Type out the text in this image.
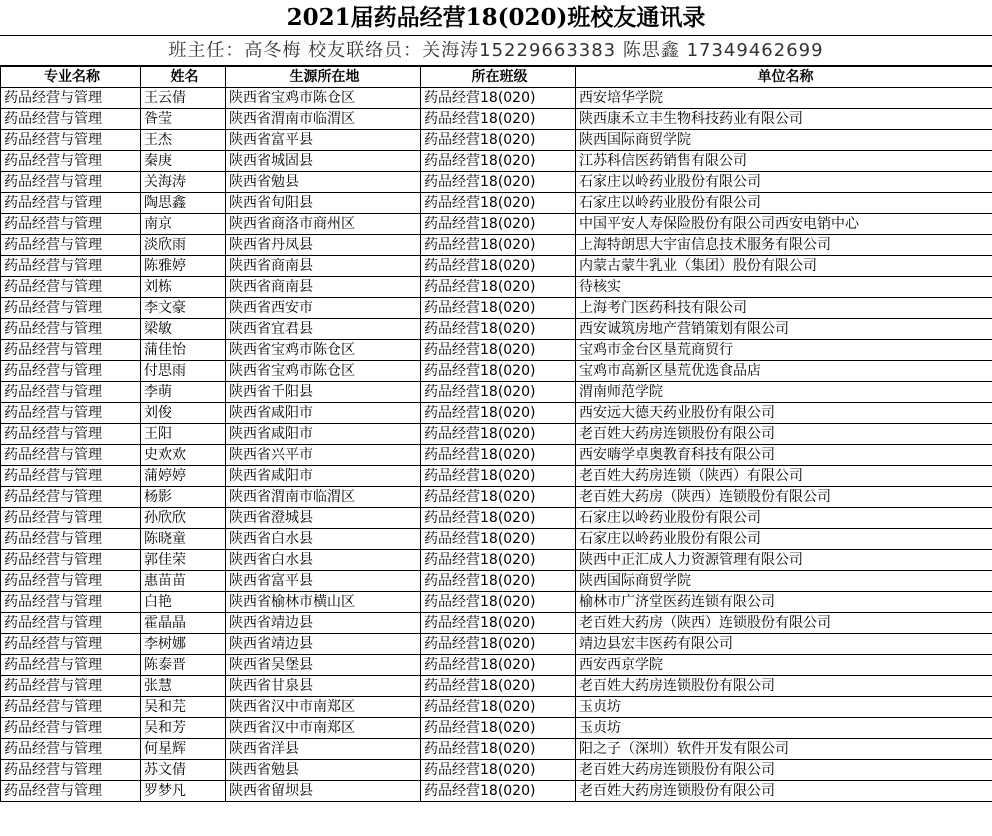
2021届药品经营18(020)班校友通讯录
班主任：高冬梅 校友联络员：关海涛15229663383 陈思鑫 17349462699
专业名称	姓名	生源所在地	所在班级	单位名称
药品经营与管理	王云倩	陕西省宝鸡市陈仓区	药品经营18(020)	西安培华学院
药品经营与管理	昝莹	陕西省渭南市临渭区	药品经营18(020)	陕西康禾立丰生物科技药业有限公司
药品经营与管理	王杰	陕西省富平县	药品经营18(020)	陕西国际商贸学院
药品经营与管理	秦庚	陕西省城固县	药品经营18(020)	江苏科信医药销售有限公司
药品经营与管理	关海涛	陕西省勉县	药品经营18(020)	石家庄以岭药业股份有限公司
药品经营与管理	陶思鑫	陕西省旬阳县	药品经营18(020)	石家庄以岭药业股份有限公司
药品经营与管理	南京	陕西省商洛市商州区	药品经营18(020)	中国平安人寿保险股份有限公司西安电销中心
药品经营与管理	淡欣雨	陕西省丹凤县	药品经营18(020)	上海特朗思大宇宙信息技术服务有限公司
药品经营与管理	陈雅婷	陕西省商南县	药品经营18(020)	内蒙古蒙牛乳业（集团）股份有限公司
药品经营与管理	刘栋	陕西省商南县	药品经营18(020)	待核实
药品经营与管理	李文豪	陕西省西安市	药品经营18(020)	上海考门医药科技有限公司
药品经营与管理	梁敏	陕西省宜君县	药品经营18(020)	西安诚筑房地产营销策划有限公司
药品经营与管理	蒲佳怡	陕西省宝鸡市陈仓区	药品经营18(020)	宝鸡市金台区垦荒商贸行
药品经营与管理	付思雨	陕西省宝鸡市陈仓区	药品经营18(020)	宝鸡市高新区垦荒优选食品店
药品经营与管理	李萌	陕西省千阳县	药品经营18(020)	渭南师范学院
药品经营与管理	刘俊	陕西省咸阳市	药品经营18(020)	西安远大德天药业股份有限公司
药品经营与管理	王阳	陕西省咸阳市	药品经营18(020)	老百姓大药房连锁股份有限公司
药品经营与管理	史欢欢	陕西省兴平市	药品经营18(020)	西安嗨学卓奥教育科技有限公司
药品经营与管理	蒲婷婷	陕西省咸阳市	药品经营18(020)	老百姓大药房连锁（陕西）有限公司
药品经营与管理	杨影	陕西省渭南市临渭区	药品经营18(020)	老百姓大药房（陕西）连锁股份有限公司
药品经营与管理	孙欣欣	陕西省澄城县	药品经营18(020)	石家庄以岭药业股份有限公司
药品经营与管理	陈晓童	陕西省白水县	药品经营18(020)	石家庄以岭药业股份有限公司
药品经营与管理	郭佳荣	陕西省白水县	药品经营18(020)	陕西中正汇成人力资源管理有限公司
药品经营与管理	惠苗苗	陕西省富平县	药品经营18(020)	陕西国际商贸学院
药品经营与管理	白艳	陕西省榆林市横山区	药品经营18(020)	榆林市广济堂医药连锁有限公司
药品经营与管理	霍晶晶	陕西省靖边县	药品经营18(020)	老百姓大药房（陕西）连锁股份有限公司
药品经营与管理	李树娜	陕西省靖边县	药品经营18(020)	靖边县宏丰医药有限公司
药品经营与管理	陈泰晋	陕西省吴堡县	药品经营18(020)	西安西京学院
药品经营与管理	张慧	陕西省甘泉县	药品经营18(020)	老百姓大药房连锁股份有限公司
药品经营与管理	吴和芫	陕西省汉中市南郑区	药品经营18(020)	玉贞坊
药品经营与管理	吴和芳	陕西省汉中市南郑区	药品经营18(020)	玉贞坊
药品经营与管理	何星辉	陕西省洋县	药品经营18(020)	阳之子（深圳）软件开发有限公司
药品经营与管理	苏文倩	陕西省勉县	药品经营18(020)	老百姓大药房连锁股份有限公司
药品经营与管理	罗梦凡	陕西省留坝县	药品经营18(020)	老百姓大药房连锁股份有限公司
